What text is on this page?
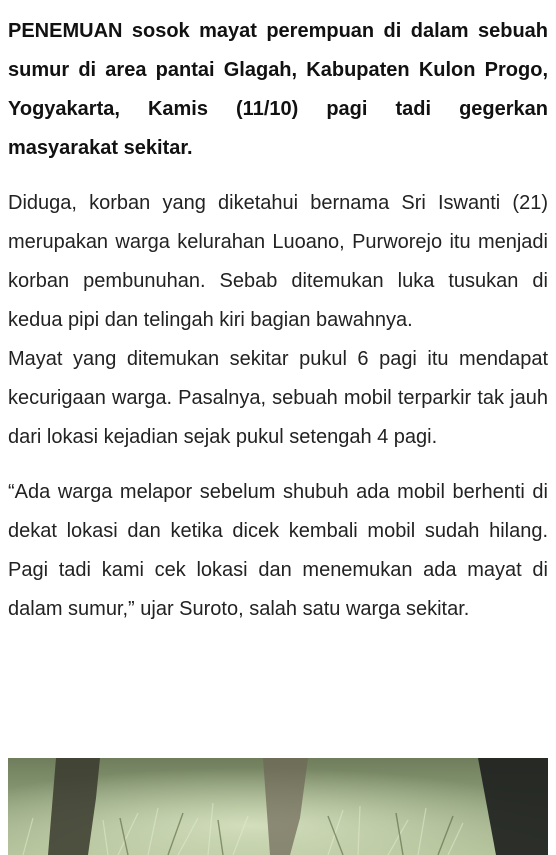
PENEMUAN sosok mayat perempuan di dalam sebuah sumur di area pantai Glagah, Kabupaten Kulon Progo, Yogyakarta, Kamis (11/10) pagi tadi gegerkan masyarakat sekitar.

Diduga, korban yang diketahui bernama Sri Iswanti (21) merupakan warga kelurahan Luoano, Purworejo itu menjadi korban pembunuhan. Sebab ditemukan luka tusukan di kedua pipi dan telingah kiri bagian bawahnya.

Mayat yang ditemukan sekitar pukul 6 pagi itu mendapat kecurigaan warga. Pasalnya, sebuah mobil terparkir tak jauh dari lokasi kejadian sejak pukul setengah 4 pagi.

“Ada warga melapor sebelum shubuh ada mobil berhenti di dekat lokasi dan ketika dicek kembali mobil sudah hilang. Pagi tadi kami cek lokasi dan menemukan ada mayat di dalam sumur,” ujar Suroto, salah satu warga sekitar.
